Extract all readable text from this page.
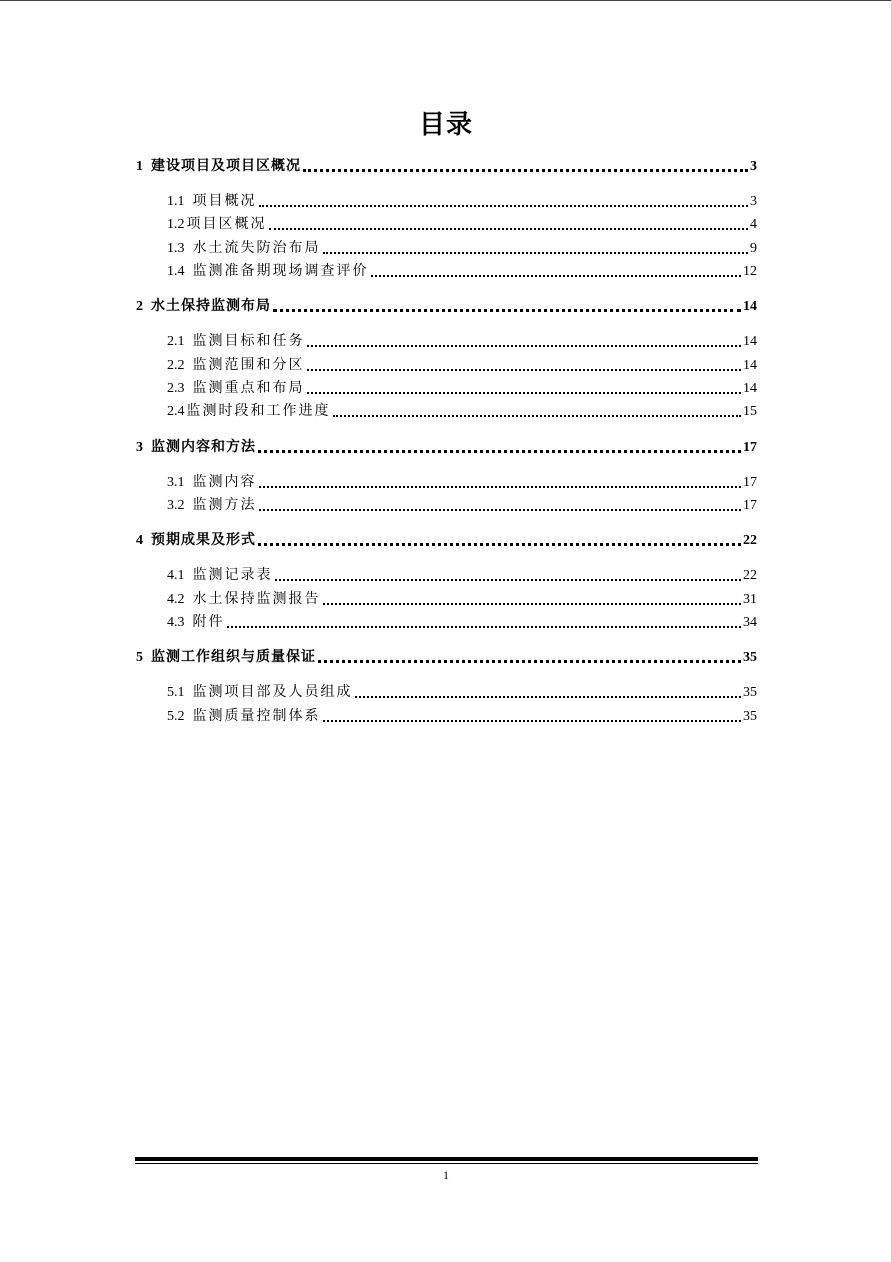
目录
1 建设项目及项目区概况	3
1.1 项目概况	3
1.2 项目区概况	4
1.3 水土流失防治布局	9
1.4 监测准备期现场调查评价	12
2 水土保持监测布局	14
2.1 监测目标和任务	14
2.2 监测范围和分区	14
2.3 监测重点和布局	14
2.4 监测时段和工作进度	15
3 监测内容和方法	17
3.1 监测内容	17
3.2 监测方法	17
4 预期成果及形式	22
4.1 监测记录表	22
4.2 水土保持监测报告	31
4.3 附件	34
5 监测工作组织与质量保证	35
5.1 监测项目部及人员组成	35
5.2 监测质量控制体系	35
1
